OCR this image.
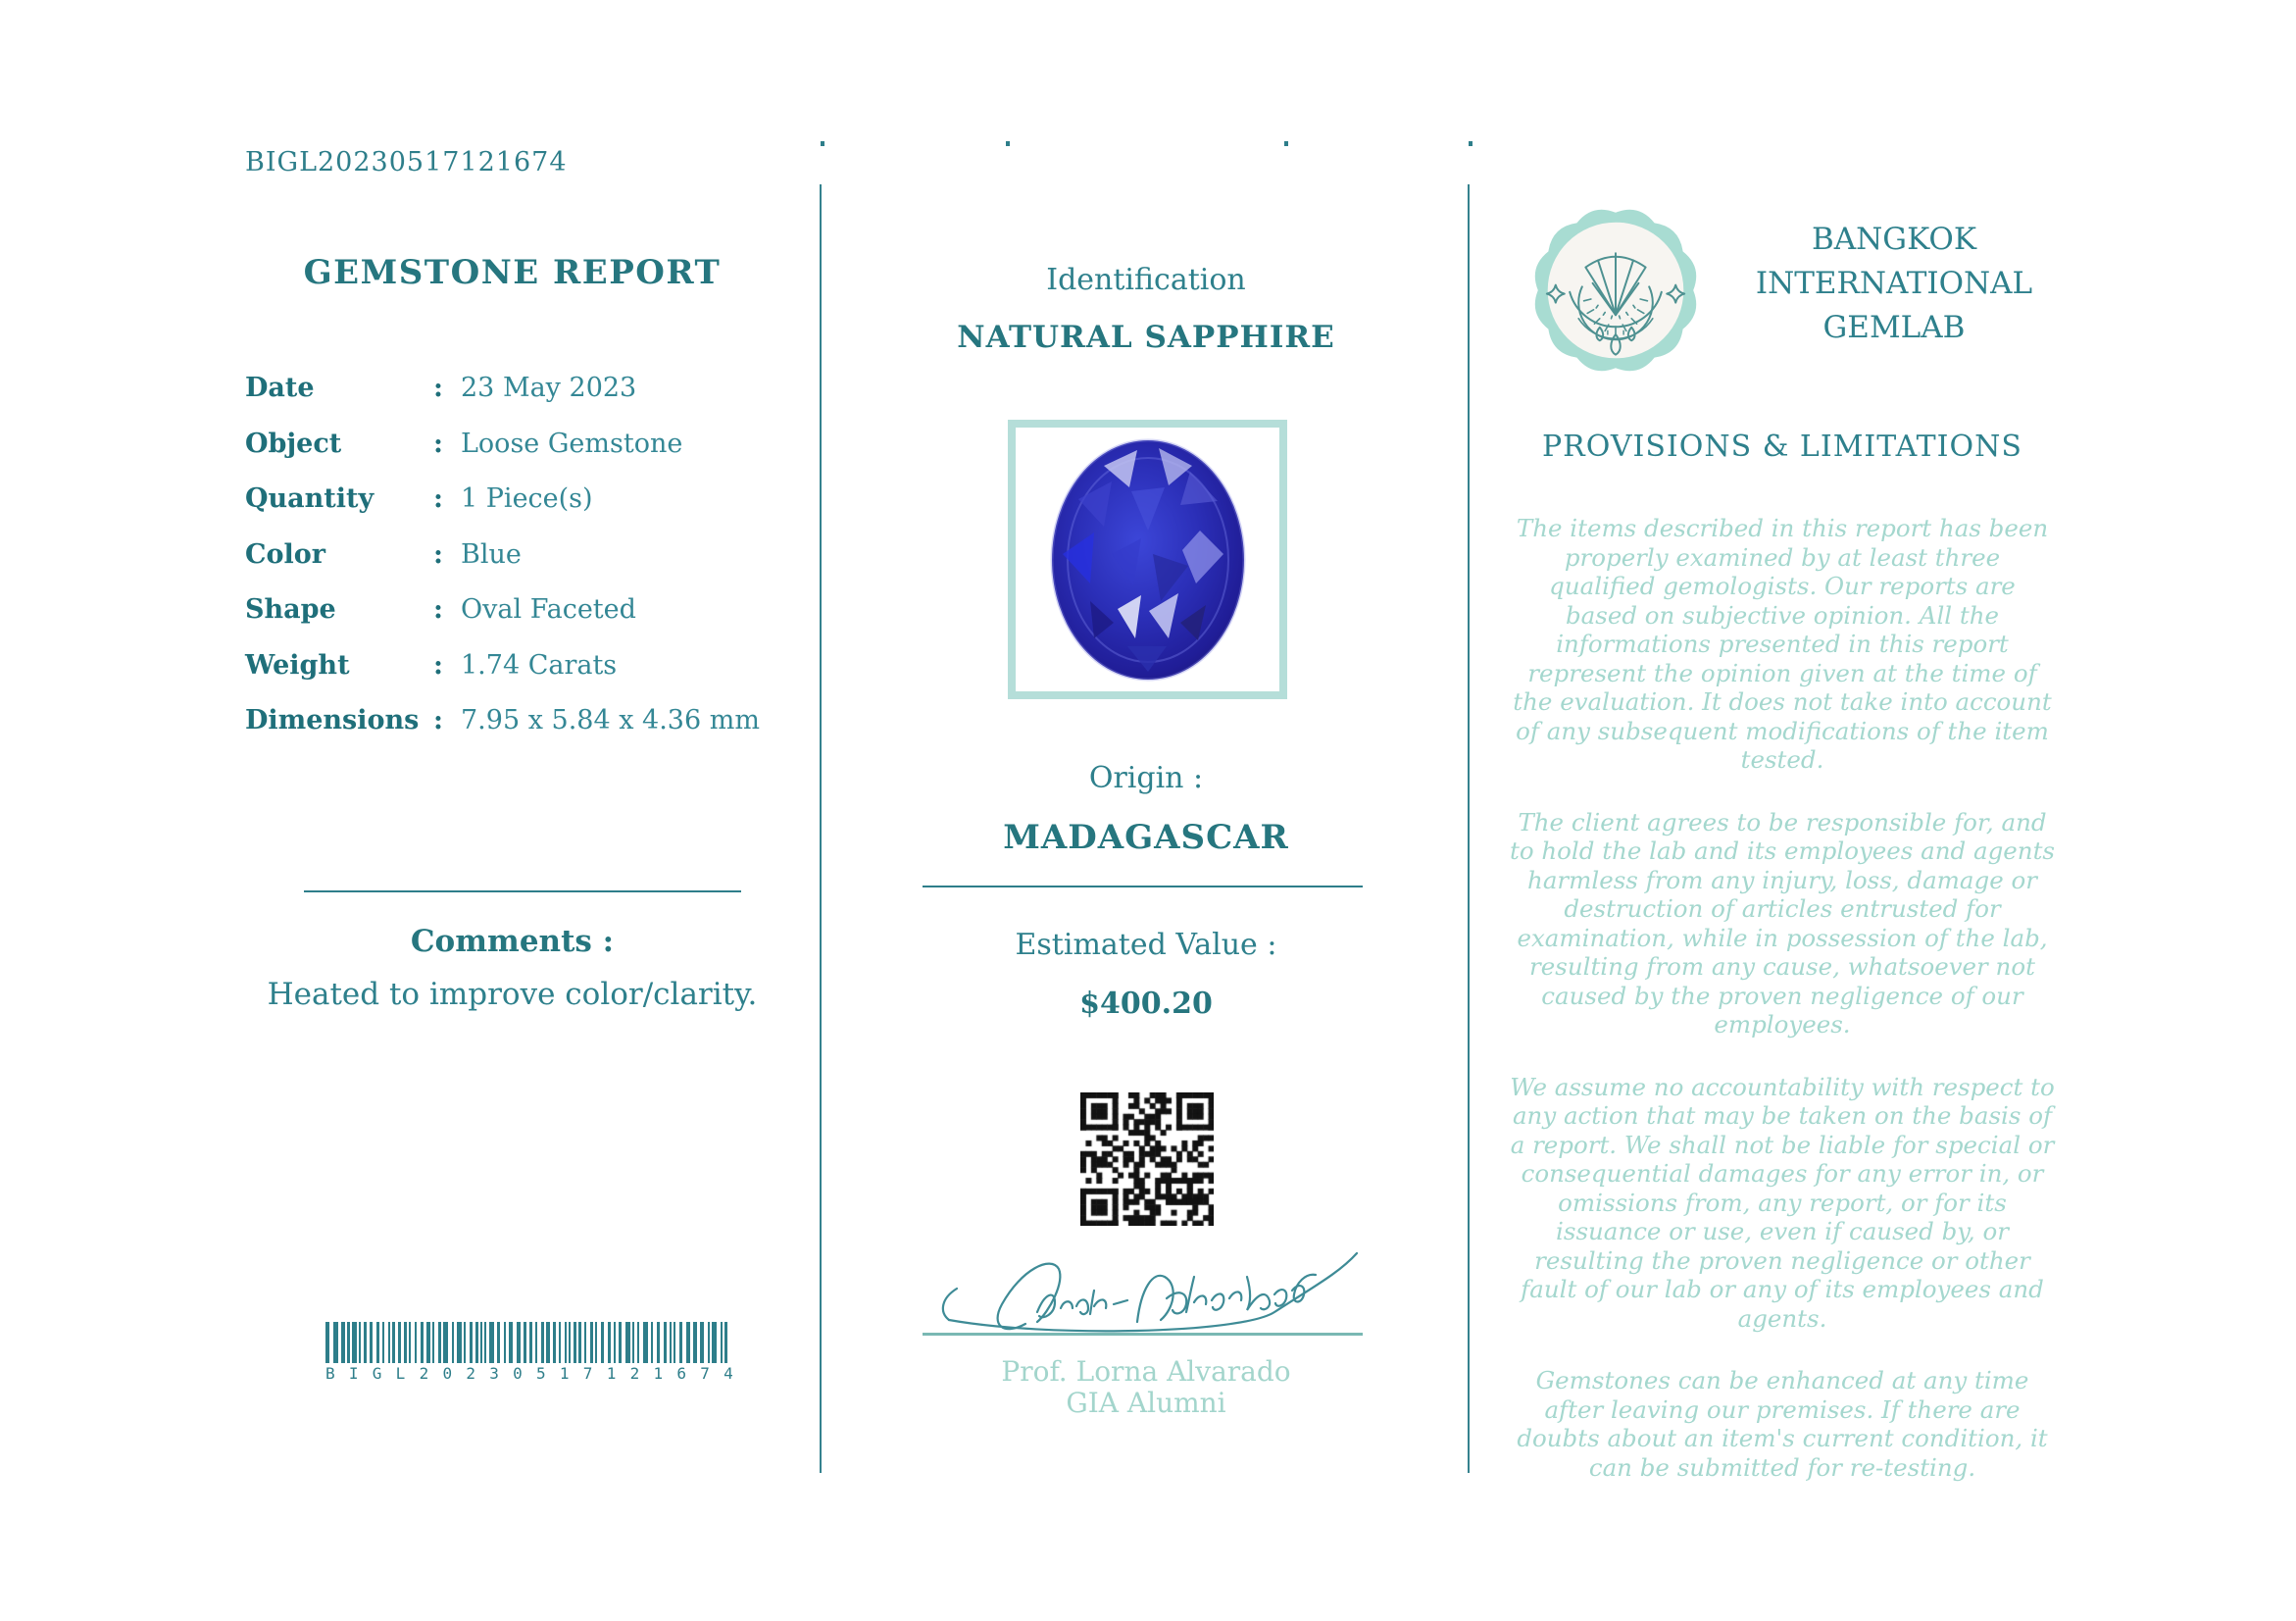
BIGL20230517121674
GEMSTONE REPORT
Date	: 23 May 2023
Object	: Loose Gemstone
Quantity	: 1 Piece(s)
Color	: Blue
Shape	: Oval Faceted
Weight	: 1.74 Carats
Dimensions : 7.95 x 5.84 x 4.36 mm
Comments :
Heated to improve color/clarity.
B I G L 2 0 2 3 0 5 1 7 1 2 1 6 7 4
Identification
NATURAL SAPPHIRE
Origin :
MADAGASCAR
Estimated Value :
$400.20
Prof. Lorna Alvarado
GIA Alumni
BANGKOK
INTERNATIONAL
GEMLAB
PROVISIONS & LIMITATIONS

The items described in this report has been properly examined by at least three qualified gemologists. Our reports are based on subjective opinion. All the informations presented in this report represent the opinion given at the time of the evaluation. It does not take into account of any subsequent modifications of the item tested.

The client agrees to be responsible for, and to hold the lab and its employees and agents harmless from any injury, loss, damage or destruction of articles entrusted for examination, while in possession of the lab, resulting from any cause, whatsoever not caused by the proven negligence of our employees.

We assume no accountability with respect to any action that may be taken on the basis of a report. We shall not be liable for special or consequential damages for any error in, or omissions from, any report, or for its issuance or use, even if caused by, or resulting the proven negligence or other fault of our lab or any of its employees and agents.

Gemstones can be enhanced at any time after leaving our premises. If there are doubts about an item's current condition, it can be submitted for re-testing.
